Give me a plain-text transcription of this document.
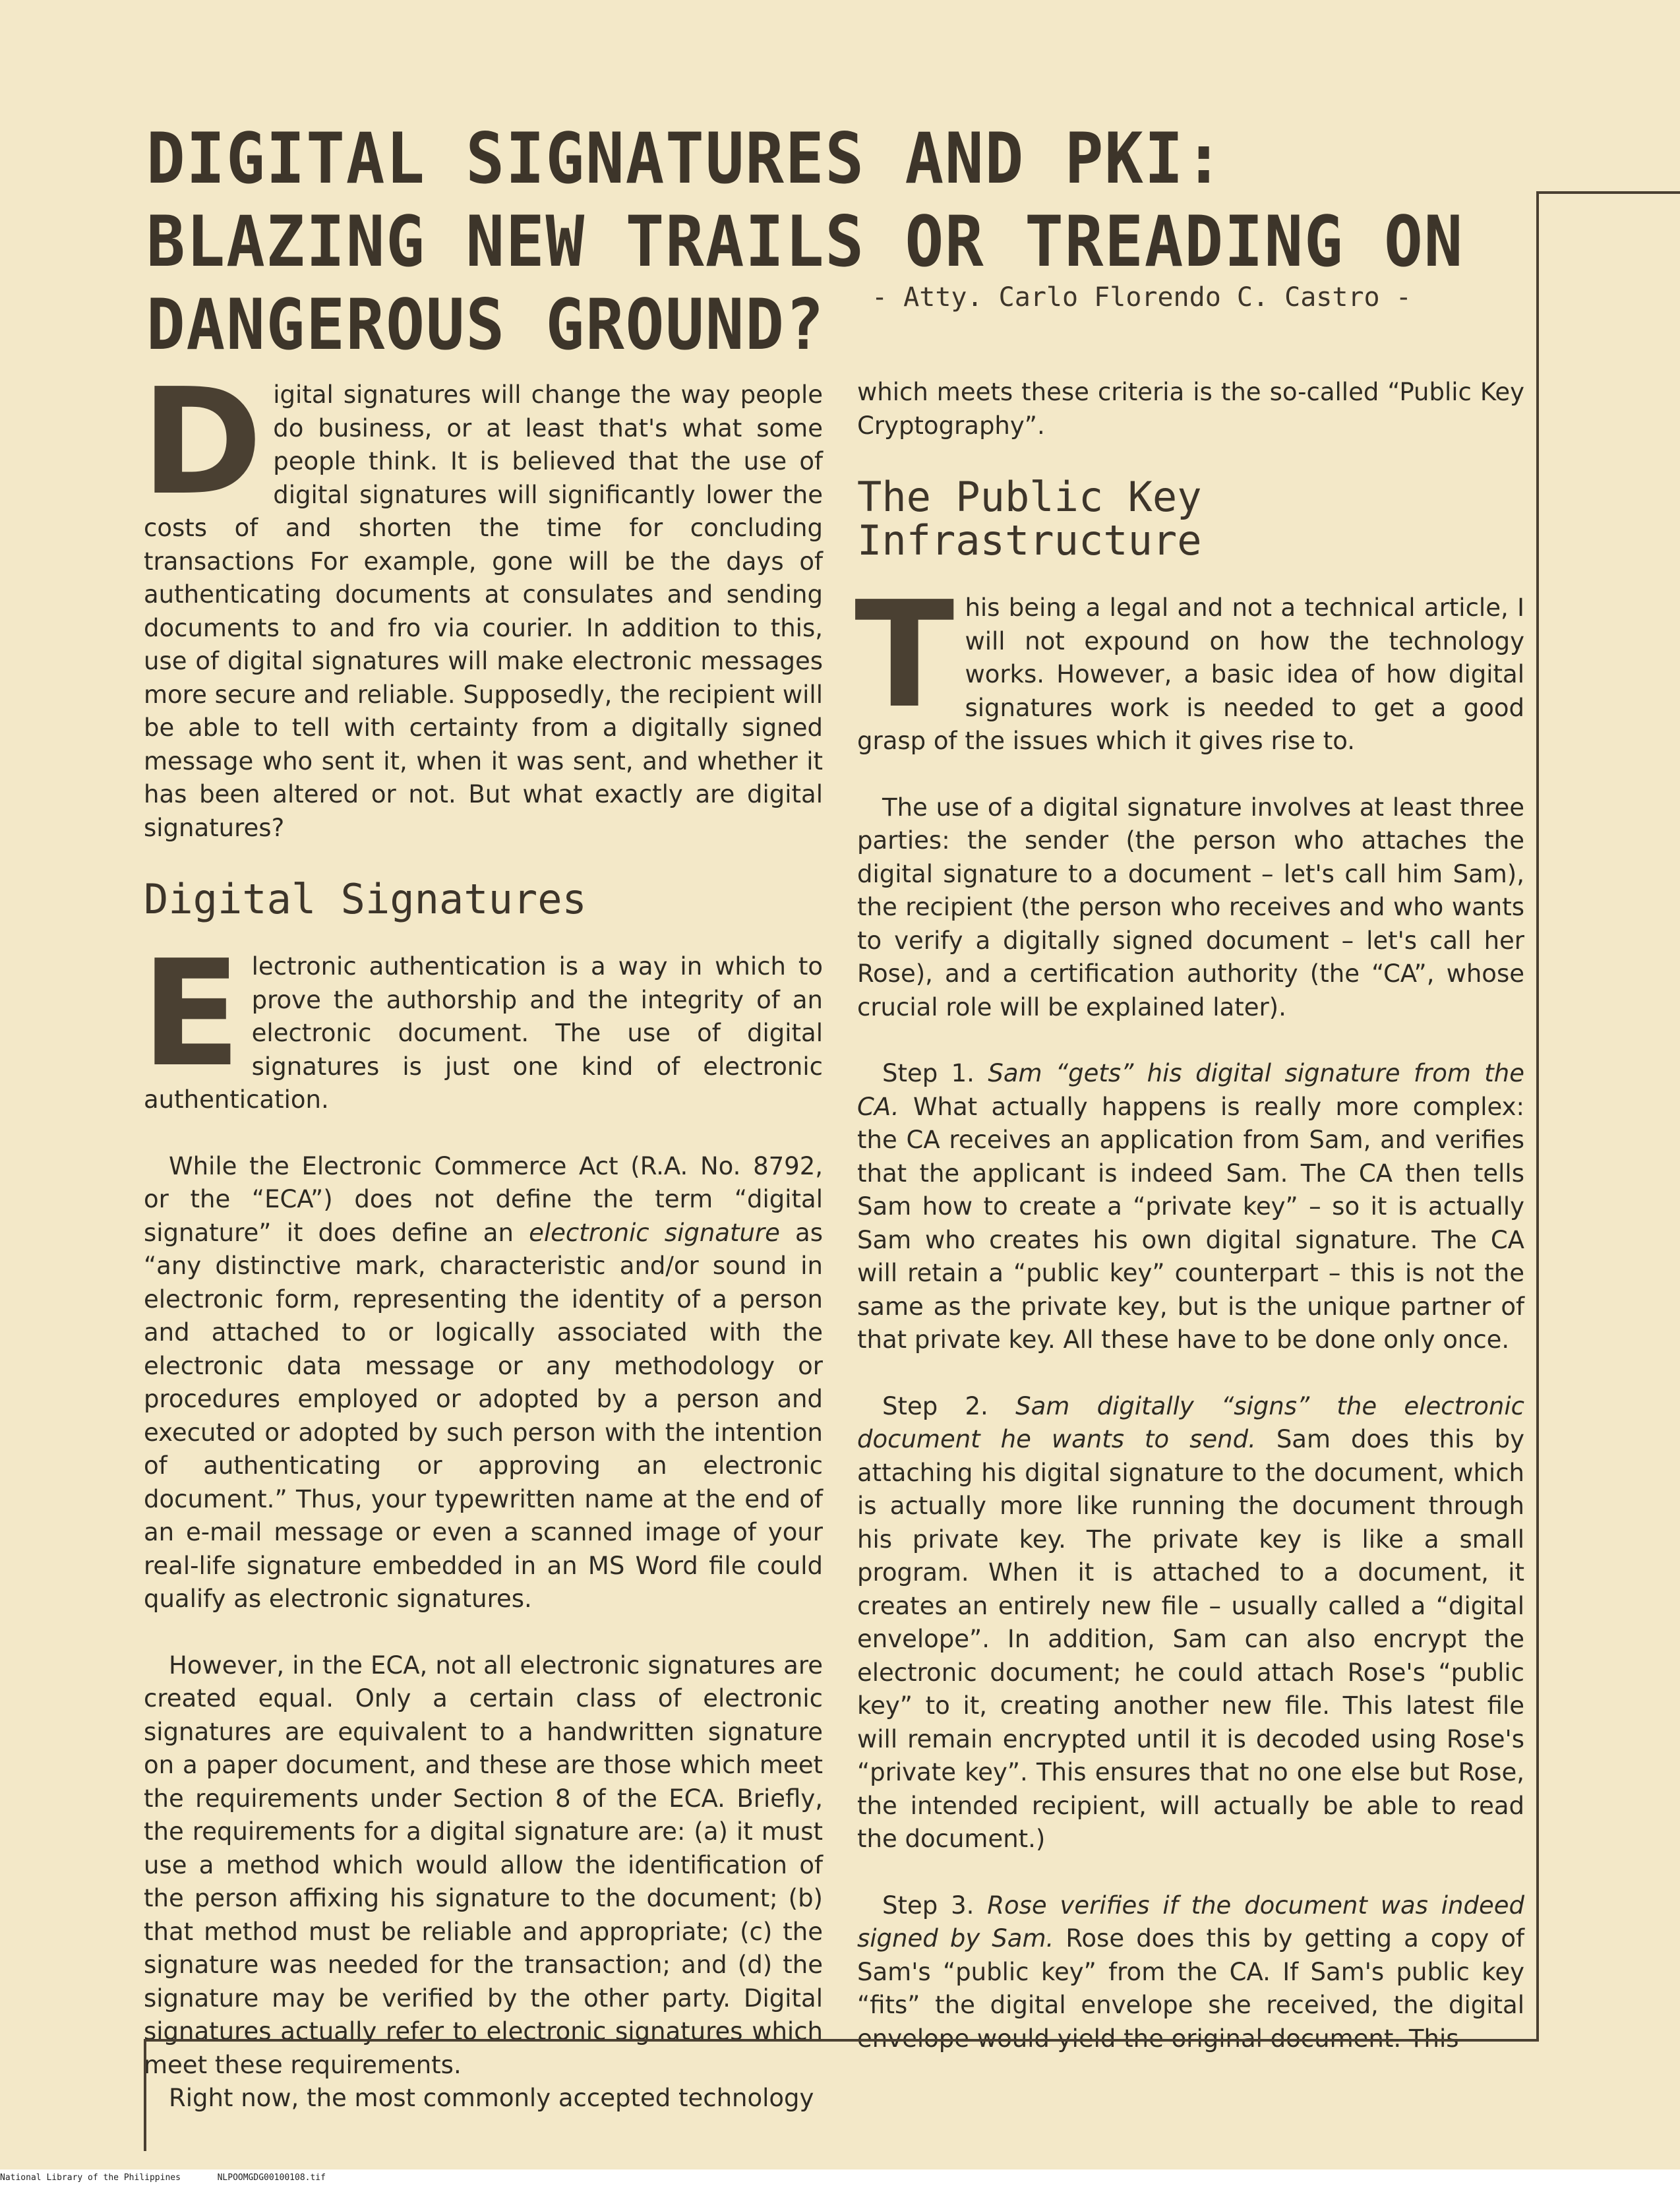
DIGITAL SIGNATURES AND PKI:
BLAZING NEW TRAILS OR TREADING ON
DANGEROUS GROUND?	- Atty. Carlo Florendo C. Castro -

Digital signatures will change the way people do business, or at least that's what some people think. It is believed that the use of digital signatures will significantly lower the costs of and shorten the time for concluding transactions For example, gone will be the days of authenticating documents at consulates and sending documents to and fro via courier. In addition to this, use of digital signatures will make electronic messages more secure and reliable. Supposedly, the recipient will be able to tell with certainty from a digitally signed message who sent it, when it was sent, and whether it has been altered or not. But what exactly are digital signatures?

Digital Signatures

Electronic authentication is a way in which to prove the authorship and the integrity of an electronic document. The use of digital signatures is just one kind of electronic authentication.

While the Electronic Commerce Act (R.A. No. 8792, or the “ECA”) does not define the term “digital signature” it does define an electronic signature as “any distinctive mark, characteristic and/or sound in electronic form, representing the identity of a person and attached to or logically associated with the electronic data message or any methodology or procedures employed or adopted by a person and executed or adopted by such person with the intention of authenticating or approving an electronic document.” Thus, your typewritten name at the end of an e-mail message or even a scanned image of your real-life signature embedded in an MS Word file could qualify as electronic signatures.

However, in the ECA, not all electronic signatures are created equal. Only a certain class of electronic signatures are equivalent to a handwritten signature on a paper document, and these are those which meet the requirements under Section 8 of the ECA. Briefly, the requirements for a digital signature are: (a) it must use a method which would allow the identification of the person affixing his signature to the document; (b) that method must be reliable and appropriate; (c) the signature was needed for the transaction; and (d) the signature may be verified by the other party. Digital signatures actually refer to electronic signatures which meet these requirements.

Right now, the most commonly accepted technology

which meets these criteria is the so-called “Public Key Cryptography”.

The Public Key
Infrastructure

This being a legal and not a technical article, I will not expound on how the technology works. However, a basic idea of how digital signatures work is needed to get a good grasp of the issues which it gives rise to.

The use of a digital signature involves at least three parties: the sender (the person who attaches the digital signature to a document – let's call him Sam), the recipient (the person who receives and who wants to verify a digitally signed document – let's call her Rose), and a certification authority (the “CA”, whose crucial role will be explained later).

Step 1. Sam “gets” his digital signature from the CA. What actually happens is really more complex: the CA receives an application from Sam, and verifies that the applicant is indeed Sam. The CA then tells Sam how to create a “private key” – so it is actually Sam who creates his own digital signature. The CA will retain a “public key” counterpart – this is not the same as the private key, but is the unique partner of that private key. All these have to be done only once.

Step 2. Sam digitally “signs” the electronic document he wants to send. Sam does this by attaching his digital signature to the document, which is actually more like running the document through his private key. The private key is like a small program. When it is attached to a document, it creates an entirely new file – usually called a “digital envelope”. In addition, Sam can also encrypt the electronic document; he could attach Rose's “public key” to it, creating another new file. This latest file will remain encrypted until it is decoded using Rose's “private key”. This ensures that no one else but Rose, the intended recipient, will actually be able to read the document.)

Step 3. Rose verifies if the document was indeed signed by Sam. Rose does this by getting a copy of Sam's “public key” from the CA. If Sam's public key “fits” the digital envelope she received, the digital envelope would yield the original document. This

National Library of the Philippines	NLPOOMGDG00100108.tif
